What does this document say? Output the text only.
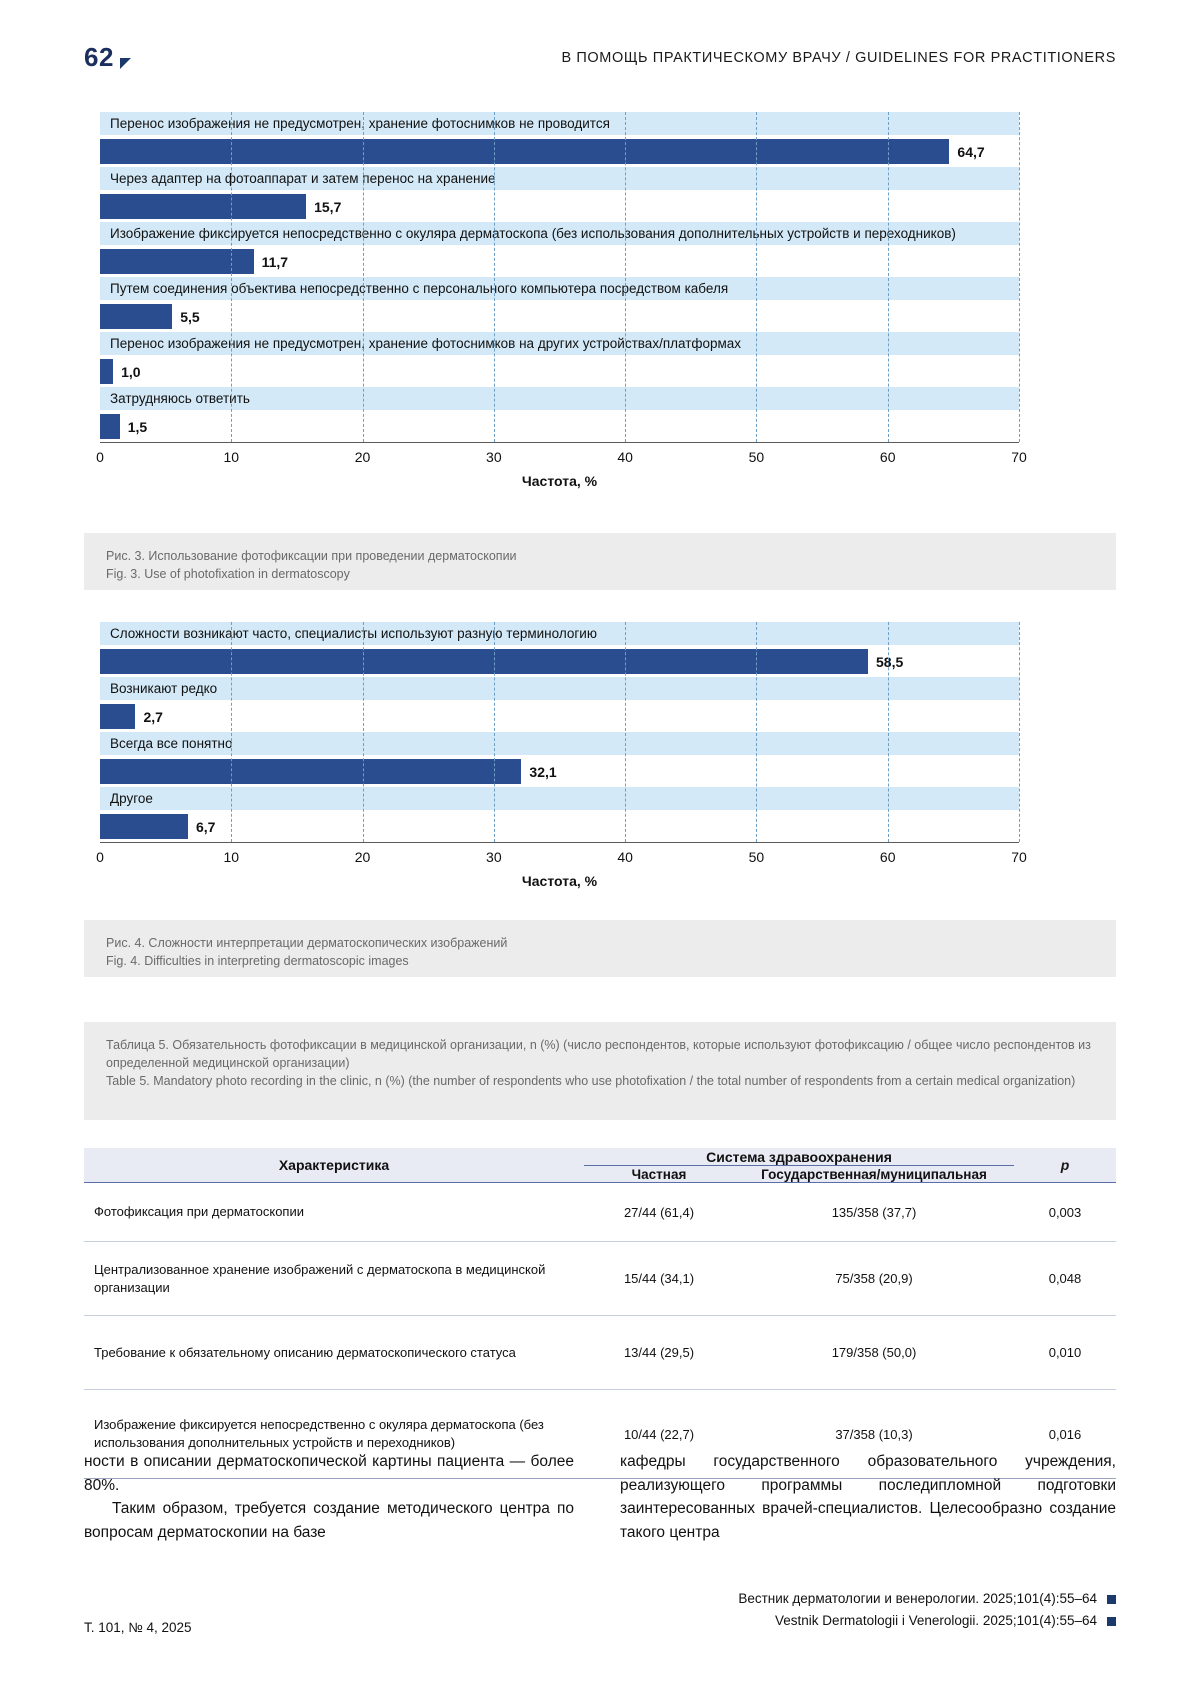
62	В ПОМОЩЬ ПРАКТИЧЕСКОМУ ВРАЧУ / GUIDELINES FOR PRACTITIONERS
Перенос изображения не предусмотрен, хранение фотоснимков не проводится
64,7
Через адаптер на фотоаппарат и затем перенос на хранение
15,7
Изображение фиксируется непосредственно с окуляра дерматоскопа (без использования дополнительных устройств и переходников)
11,7
Путем соединения объектива непосредственно с персонального компьютера посредством кабеля
5,5
Перенос изображения не предусмотрен, хранение фотоснимков на других устройствах/платформах
1,0
Затрудняюсь ответить
1,5
0	10	20	30	40	50	60	70
Частота, %
Рис. 3. Использование фотофиксации при проведении дерматоскопии
Fig. 3. Use of photofixation in dermatoscopy
Сложности возникают часто, специалисты используют разную терминологию
58,5
Возникают редко
2,7
Всегда все понятно
32,1
Другое
6,7
0	10	20	30	40	50	60	70
Частота, %
Рис. 4. Сложности интерпретации дерматоскопических изображений
Fig. 4. Difficulties in interpreting dermatoscopic images
Таблица 5. Обязательность фотофиксации в медицинской организации, n (%) (число респондентов, которые используют фотофиксацию / общее число респондентов из определенной медицинской организации)
Table 5. Mandatory photo recording in the clinic, n (%) (the number of respondents who use photofixation / the total number of respondents from a certain medical organization)
Характеристика	Система здравоохранения		p
	Частная	Государственная/муниципальная	
Фотофиксация при дерматоскопии	27/44 (61,4)	135/358 (37,7)	0,003
Централизованное хранение изображений с дерматоскопа в медицинской организации	15/44 (34,1)	75/358 (20,9)	0,048
Требование к обязательному описанию дерматоскопического статуса	13/44 (29,5)	179/358 (50,0)	0,010
Изображение фиксируется непосредственно с окуляра дерматоскопа (без использования дополнительных устройств и переходников)	10/44 (22,7)	37/358 (10,3)	0,016

ности в описании дерматоскопической картины пациента — более 80%.

Таким образом, требуется создание методического центра по вопросам дерматоскопии на базе

кафедры государственного образовательного учреждения, реализующего программы последипломной подготовки заинтересованных врачей-специалистов. Целесообразно создание такого центра

Т. 101, № 4, 2025
Вестник дерматологии и венерологии. 2025;101(4):55–64
Vestnik Dermatologii i Venerologii. 2025;101(4):55–64
